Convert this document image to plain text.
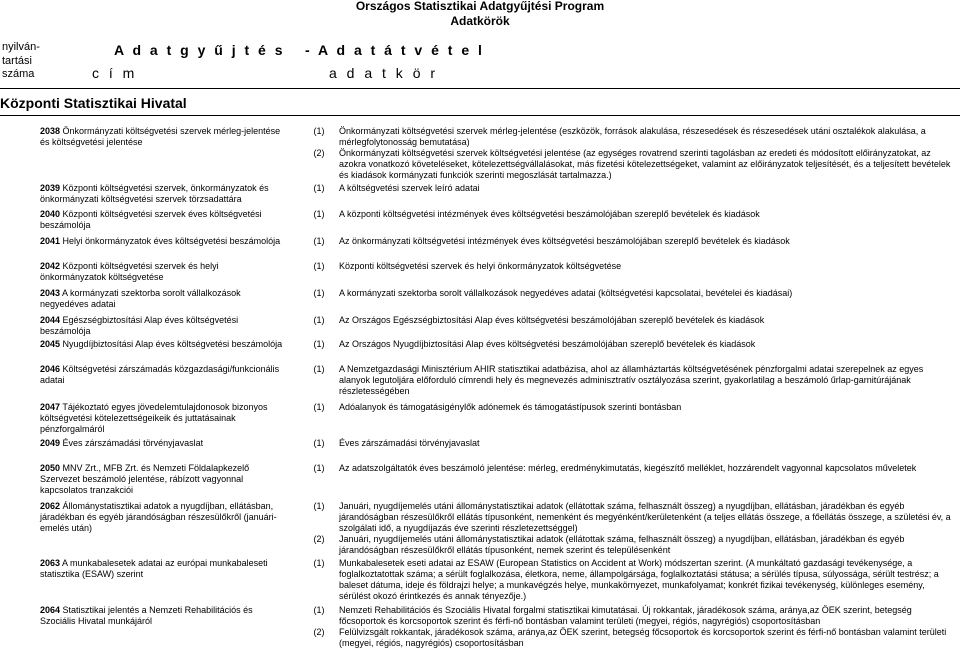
Országos Statisztikai Adatgyűjtési Program
Adatkörök
nyilván-
tartási
száma
A d a t g y ű j t é s
c í m
- A d a t á t v é t e l
a d a t k ö r
Központi Statisztikai Hivatal
2038 Önkormányzati költségvetési szervek mérleg-jelentése és költségvetési jelentése
(1) Önkormányzati költségvetési szervek mérleg-jelentése (eszközök, források alakulása, részesedések és részesedések utáni osztalékok alakulása, a mérlegfolytonosság bemutatása)
(2) Önkormányzati költségvetési szervek költségvetési jelentése (az egységes rovatrend szerinti tagolásban az eredeti és módosított előirányzatokat, az azokra vonatkozó követeléseket, kötelezettségvállalásokat, más fizetési kötelezettségeket, valamint az előirányzatok teljesítését, és a teljesített bevételek és kiadások kormányzati funkciók szerinti megoszlását tartalmazza.)
2039 Központi költségvetési szervek, önkormányzatok és önkormányzati költségvetési szervek törzsadattára
(1) A költségvetési szervek leíró adatai
2040 Központi költségvetési szervek éves költségvetési beszámolója
(1) A központi költségvetési intézmények éves költségvetési beszámolójában szereplő bevételek és kiadások
2041 Helyi önkormányzatok éves költségvetési beszámolója	(1) Az önkormányzati költségvetési intézmények éves költségvetési beszámolójában szereplő bevételek és kiadások
2042 Központi költségvetési szervek és helyi önkormányzatok költségvetése
(1) Központi költségvetési szervek és helyi önkormányzatok költségvetése
2043 A kormányzati szektorba sorolt vállalkozások negyedéves adatai
(1) A kormányzati szektorba sorolt vállalkozások negyedéves adatai (költségvetési kapcsolatai, bevételei és kiadásai)
2044 Egészségbiztosítási Alap éves költségvetési beszámolója
(1) Az Országos Egészségbiztosítási Alap éves költségvetési beszámolójában szereplő bevételek és kiadások
2045 Nyugdíjbiztosítási Alap éves költségvetési beszámolója	(1) Az Országos Nyugdíjbiztosítási Alap éves költségvetési beszámolójában szereplő bevételek és kiadások
2046 Költségvetési zárszámadás közgazdasági/funkcionális adatai
(1) A Nemzetgazdasági Minisztérium AHIR statisztikai adatbázisa, ahol az államháztartás költségvetésének pénzforgalmi adatai szerepelnek az egyes alanyok legutoljára előforduló címrendi hely és megnevezés adminisztratív osztályozása szerint, gyakorlatilag a beszámoló űrlap-garnitúrájának részletességében
2047 Tájékoztató egyes jövedelemtulajdonosok bizonyos költségvetési kötelezettségeikeik és juttatásainak pénzforgalmáról
(1) Adóalanyok és támogatásigénylők adónemek és támogatástípusok szerinti bontásban
2049 Éves zárszámadási törvényjavaslat	(1) Éves zárszámadási törvényjavaslat
2050 MNV Zrt., MFB Zrt. és Nemzeti Földalapkezelő Szervezet beszámoló jelentése, rábízott vagyonnal kapcsolatos tranzakciói
(1) Az adatszolgáltatók éves beszámoló jelentése: mérleg, eredménykimutatás, kiegészítő melléklet, hozzárendelt vagyonnal kapcsolatos műveletek
2062 Állománystatisztikai adatok a nyugdíjban, ellátásban, járadékban és egyéb járandóságban részesülőkről (januári-emelés után)
(1) Januári, nyugdíjemelés utáni állománystatisztikai adatok (ellátottak száma, felhasznált összeg) a nyugdíjban, ellátásban, járadékban és egyéb járandóságban részesülőkről ellátás típusonként, nemenként és megyénként/kerületenként (a teljes ellátás összege, a főellátás összege, a születési év, a szolgálati idő, a nyugdíjazás éve szerinti részletezettséggel)
(2) Januári, nyugdíjemelés utáni állománystatisztikai adatok (ellátottak száma, felhasznált összeg) a nyugdíjban, ellátásban, járadékban és egyéb járandóságban részesülőkről ellátás típusonként, nemek szerint és településenként
2063 A munkabalesetek adatai az európai munkabaleseti statisztika (ESAW) szerint
(1) Munkabalesetek eseti adatai az ESAW (European Statistics on Accident at Work) módszertan szerint. (A munkáltató gazdasági tevékenysége, a foglalkoztatottak száma; a sérült foglalkozása, életkora, neme, állampolgársága, foglalkoztatási státusa; a sérülés típusa, súlyossága, sérült testrész; a baleset dátuma, ideje és földrajzi helye; a munkavégzés helye, munkakörnyezet, munkafolyamat; konkrét fizikai tevékenység, különleges esemény, sérülést okozó érintkezés és annak tényezője.)
2064 Statisztikai jelentés a Nemzeti Rehabilitációs és Szociális Hivatal munkájáról
(1) Nemzeti Rehabilitációs és Szociális Hivatal forgalmi statisztikai kimutatásai. Új rokkantak, járadékosok száma, aránya,az ÖEK szerint, betegség főcsoportok és korcsoportok szerint és férfi-nő bontásban valamint területi (megyei, régiós, nagyrégiós) csoportosításban
(2) Felülvizsgált rokkantak, járadékosok száma, aránya,az ÖEK szerint, betegség főcsoportok és korcsoportok szerint és férfi-nő bontásban valamint területi (megyei, régiós, nagyrégiós) csoportosításban
